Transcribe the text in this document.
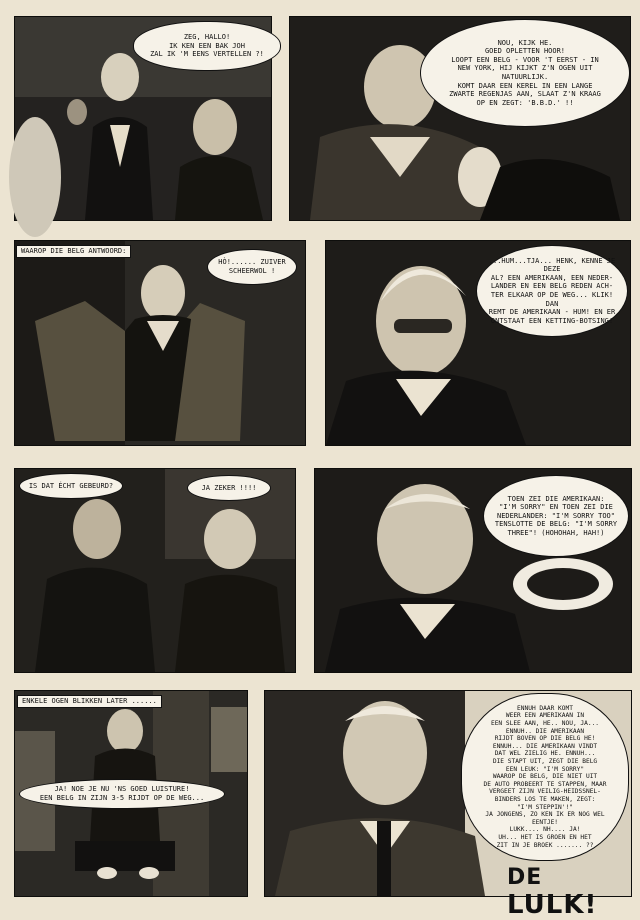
ZEG, HALLO!
IK KEN EEN BAK JOH
ZAL IK 'M EENS VERTELLEN ?!
NOU, KIJK HE.
GOED OPLETTEN HOOR!
LOOPT EEN BELG - VOOR 'T EERST - IN
NEW YORK, HIJ KIJKT Z'N OGEN UIT
NATUURLIJK.
KOMT DAAR EEN KEREL IN EEN LANGE
ZWARTE REGENJAS AAN, SLAAT Z'N KRAAG
OP EN ZEGT: 'B.B.D.' !!
WAAROP DIE BELG ANTWOORD:
HÒ!...... ZUIVER
SCHEERWOL !
...HUM...TJA... HENK, KENNE DEZE
AL? EEN AMERIKAAN, EEN NEDER-
LANDER EN EEN BELG REDEN ACH-
TER ELKAAR OP DE WEG... KLIK! DAN
REMT DE AMERIKAAN - HUM! EN ER
ONTSTAAT EEN KETTING-BOTSING!
IS DAT ÉCHT GEBEURD?	JA ZEKER !!!!
TOEN ZEI DIE AMERIKAAN:
"I'M SORRY" EN TOEN ZEI DIE
NEDERLANDER: "I'M SORRY TOO"
TENSLOTTE DE BELG: "I'M SORRY
THREE"! (HOHOHAH, HAH!)
ENKELE OGEN BLIKKEN LATER ......
JA! NOE JE NU 'NS GOED LUISTURE!
EEN BELG IN ZIJN 3-5 RIJDT OP DE WEG...
ENNUH DAAR KOMT
WEER EEN AMERIKAAN IN
EEN SLEE AAN, HE.. NOU, JA...
ENNUH.. DIE AMERIKAAN
RIJDT BOVEN OP DIE BELG HE!
ENNUH... DIE AMERIKAAN VINDT
DAT WEL ZIELIG HE. ENNUH...
DIE STAPT UIT, ZEGT DIE BELG
EEN LEUK: "I'M SORRY"
WAAROP DE BELG, DIE NIET UIT
DE AUTO PROBEERT TE STAPPEN, MAAR
VERGEET ZIJN VEILIG-HEIDSSNEL-
BINDERS LOS TE MAKEN, ZEGT:
"I'M STEPPIN'!"
JA JONGENS, ZO KEN IK ER NOG WEL
EENTJE!
LUKK.... NH.... JA!
UH... HET IS GROEN EN HET
ZIT IN JE BROEK ....... ??
DE LULK!
